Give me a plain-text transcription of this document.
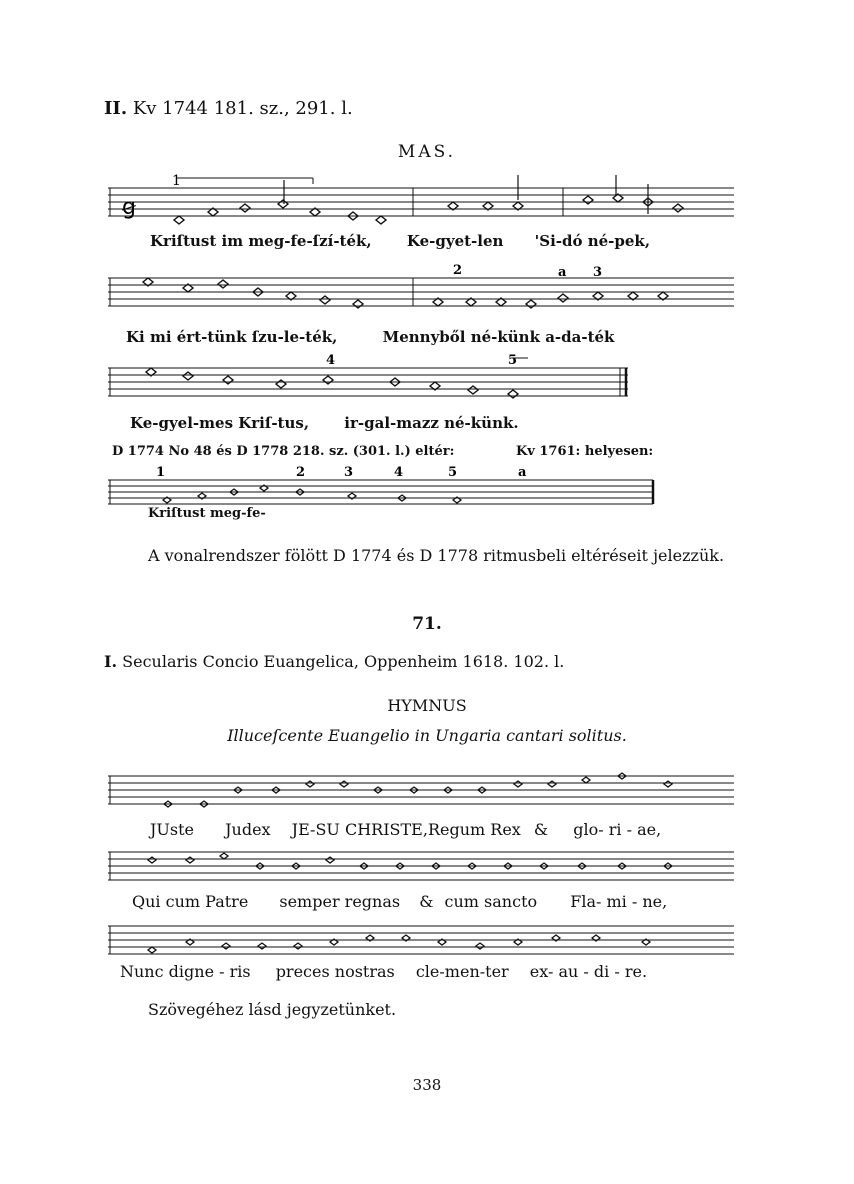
II. Kv 1744 181. sz., 291. l.
MAS.
1
ꞡ
Kriſtust im meg-fe-ſzí-ték, Ke-gyet-len 'Si-dó né-pek,
2	a 3
Ki mi ért-tünk ſzu-le-ték,	Mennyből né-künk a-da-ték
4	5
Ke-gyel-mes Kriſ-tus, ir-gal-mazz né-künk.
D 1774 No 48 és D 1778 218. sz. (301. l.) eltér:	Kv 1761: helyesen:
1	2	3	4	5	a
Kriſtust meg-fe-
A vonalrendszer fölött D 1774 és D 1778 ritmusbeli eltéréseit jelezzük.
71.
I. Secularis Concio Euangelica, Oppenheim 1618. 102. l.
HYMNUS
Illuceſcente Euangelio in Ungaria cantari solitus.
JUste Judex JE-SU CHRISTE,Regum Rex & glo- ri - ae,
Qui cum Patre semper regnas & cum sancto Fla- mi - ne,
Nunc digne - ris preces nostras cle-men-ter ex- au - di - re.
Szövegéhez lásd jegyzetünket.
338
